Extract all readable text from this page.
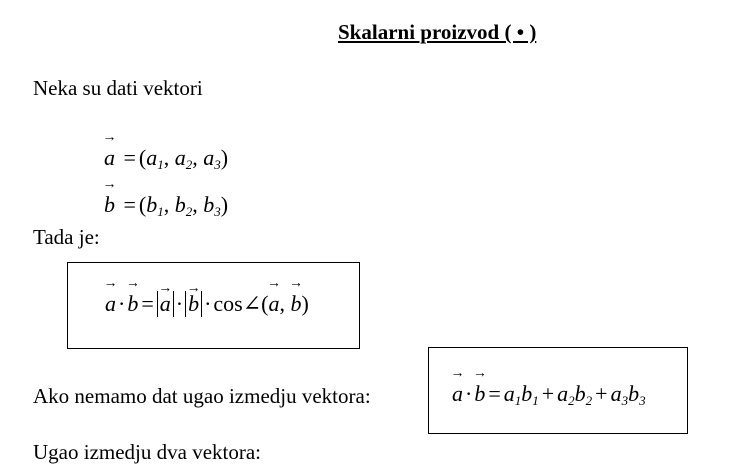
Skalarni proizvod ( • )
Neka su dati vektori
→ $a = (a_1$, $a_2$, $a_3$)
→ $b = (b_1$, $b_2$, $b_3$)
Tada je:
→ a·→ b = → a · → b ·cos∠(→ a, → b)
Ako nemamo dat ugao izmedju vektora:	→ $a\cdot\to b = a_1b_1 + a_2b_2 + a_3b_3$
Ugao izmedju dva vektora:
